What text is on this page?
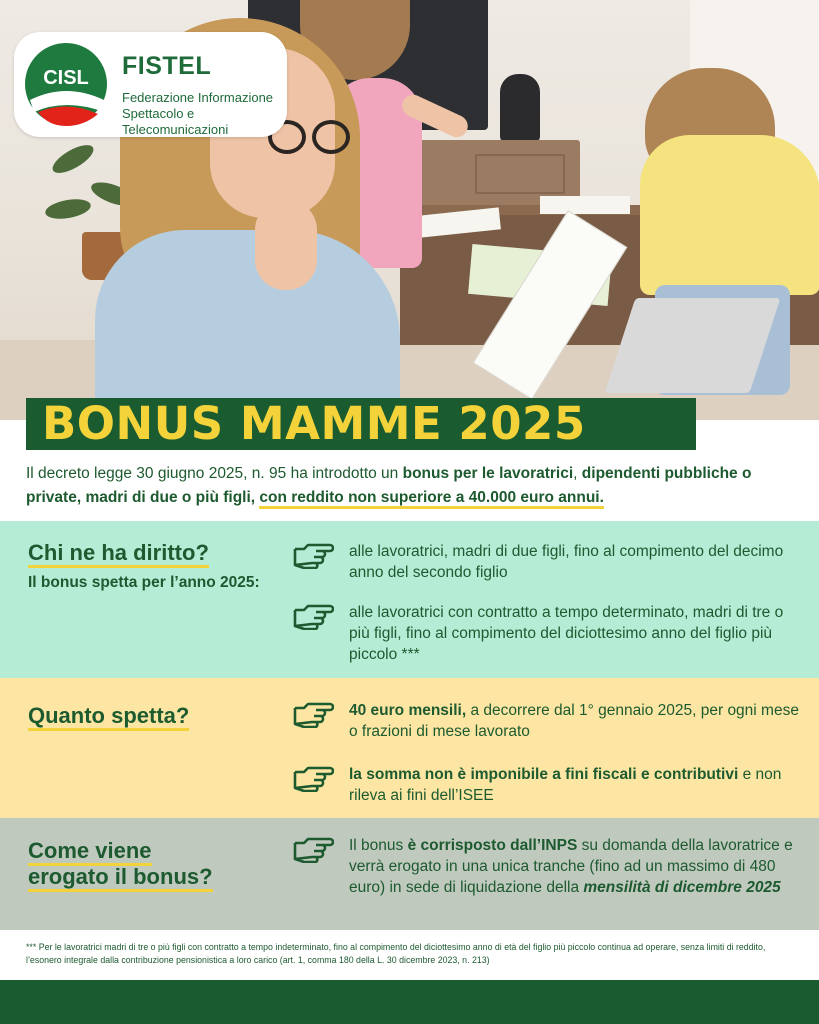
CISL FISTEL
Federazione Informazione
Spettacolo e Telecomunicazioni
BONUS MAMME 2025
Il decreto legge 30 giugno 2025, n. 95 ha introdotto un bonus per le lavoratrici, dipendenti pubbliche o private, madri di due o più figli, con reddito non superiore a 40.000 euro annui.
Chi ne ha diritto?
Il bonus spetta per l’anno 2025:
alle lavoratrici, madri di due figli, fino al compimento del decimo anno del secondo figlio
alle lavoratrici con contratto a tempo determinato, madri di tre o più figli, fino al compimento del diciottesimo anno del figlio più piccolo ***
Quanto spetta?	40 euro mensili, a decorrere dal 1° gennaio 2025, per ogni mese o frazioni di mese lavorato
la somma non è imponibile a fini fiscali e contributivi e non rileva ai fini dell’ISEE
Come viene
erogato il bonus?
Il bonus è corrisposto dall’INPS su domanda della lavoratrice e verrà erogato in una unica tranche (fino ad un massimo di 480 euro) in sede di liquidazione della mensilità di dicembre 2025
*** Per le lavoratrici madri di tre o più figli con contratto a tempo indeterminato, fino al compimento del diciottesimo anno di età del figlio più piccolo continua ad operare, senza limiti di reddito, l’esonero integrale dalla contribuzione pensionistica a loro carico (art. 1, comma 180 della L. 30 dicembre 2023, n. 213)
